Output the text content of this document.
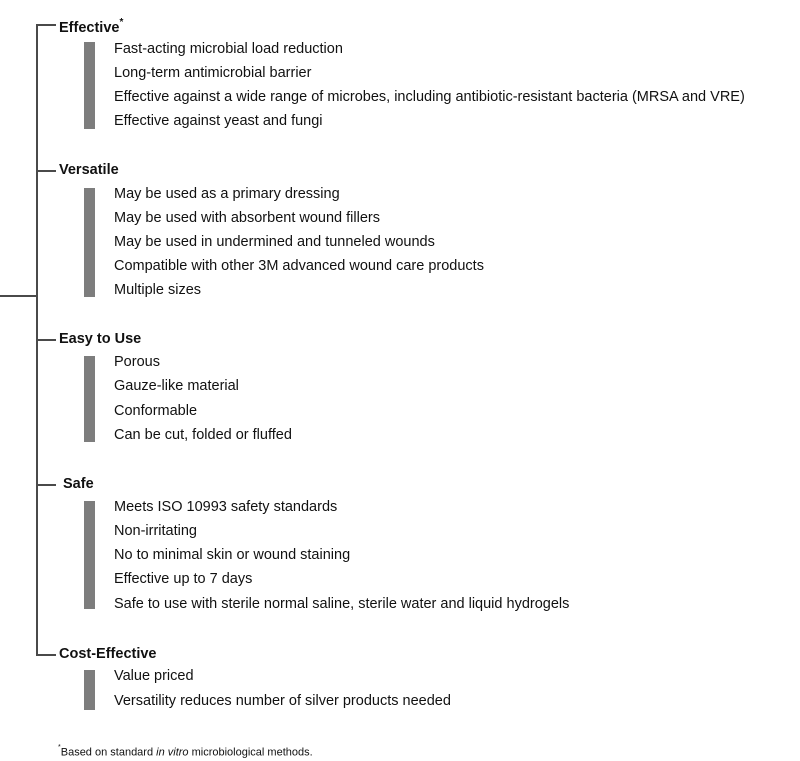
Effective*
Fast-acting microbial load reduction
Long-term antimicrobial barrier
Effective against a wide range of microbes, including antibiotic-resistant bacteria (MRSA and VRE)
Effective against yeast and fungi
Versatile
May be used as a primary dressing
May be used with absorbent wound fillers
May be used in undermined and tunneled wounds
Compatible with other 3M advanced wound care products
Multiple sizes
Easy to Use
Porous
Gauze-like material
Conformable
Can be cut, folded or fluffed
Safe
Meets ISO 10993 safety standards
Non-irritating
No to minimal skin or wound staining
Effective up to 7 days
Safe to use with sterile normal saline, sterile water and liquid hydrogels
Cost-Effective
Value priced
Versatility reduces number of silver products needed
*Based on standard in vitro microbiological methods.
